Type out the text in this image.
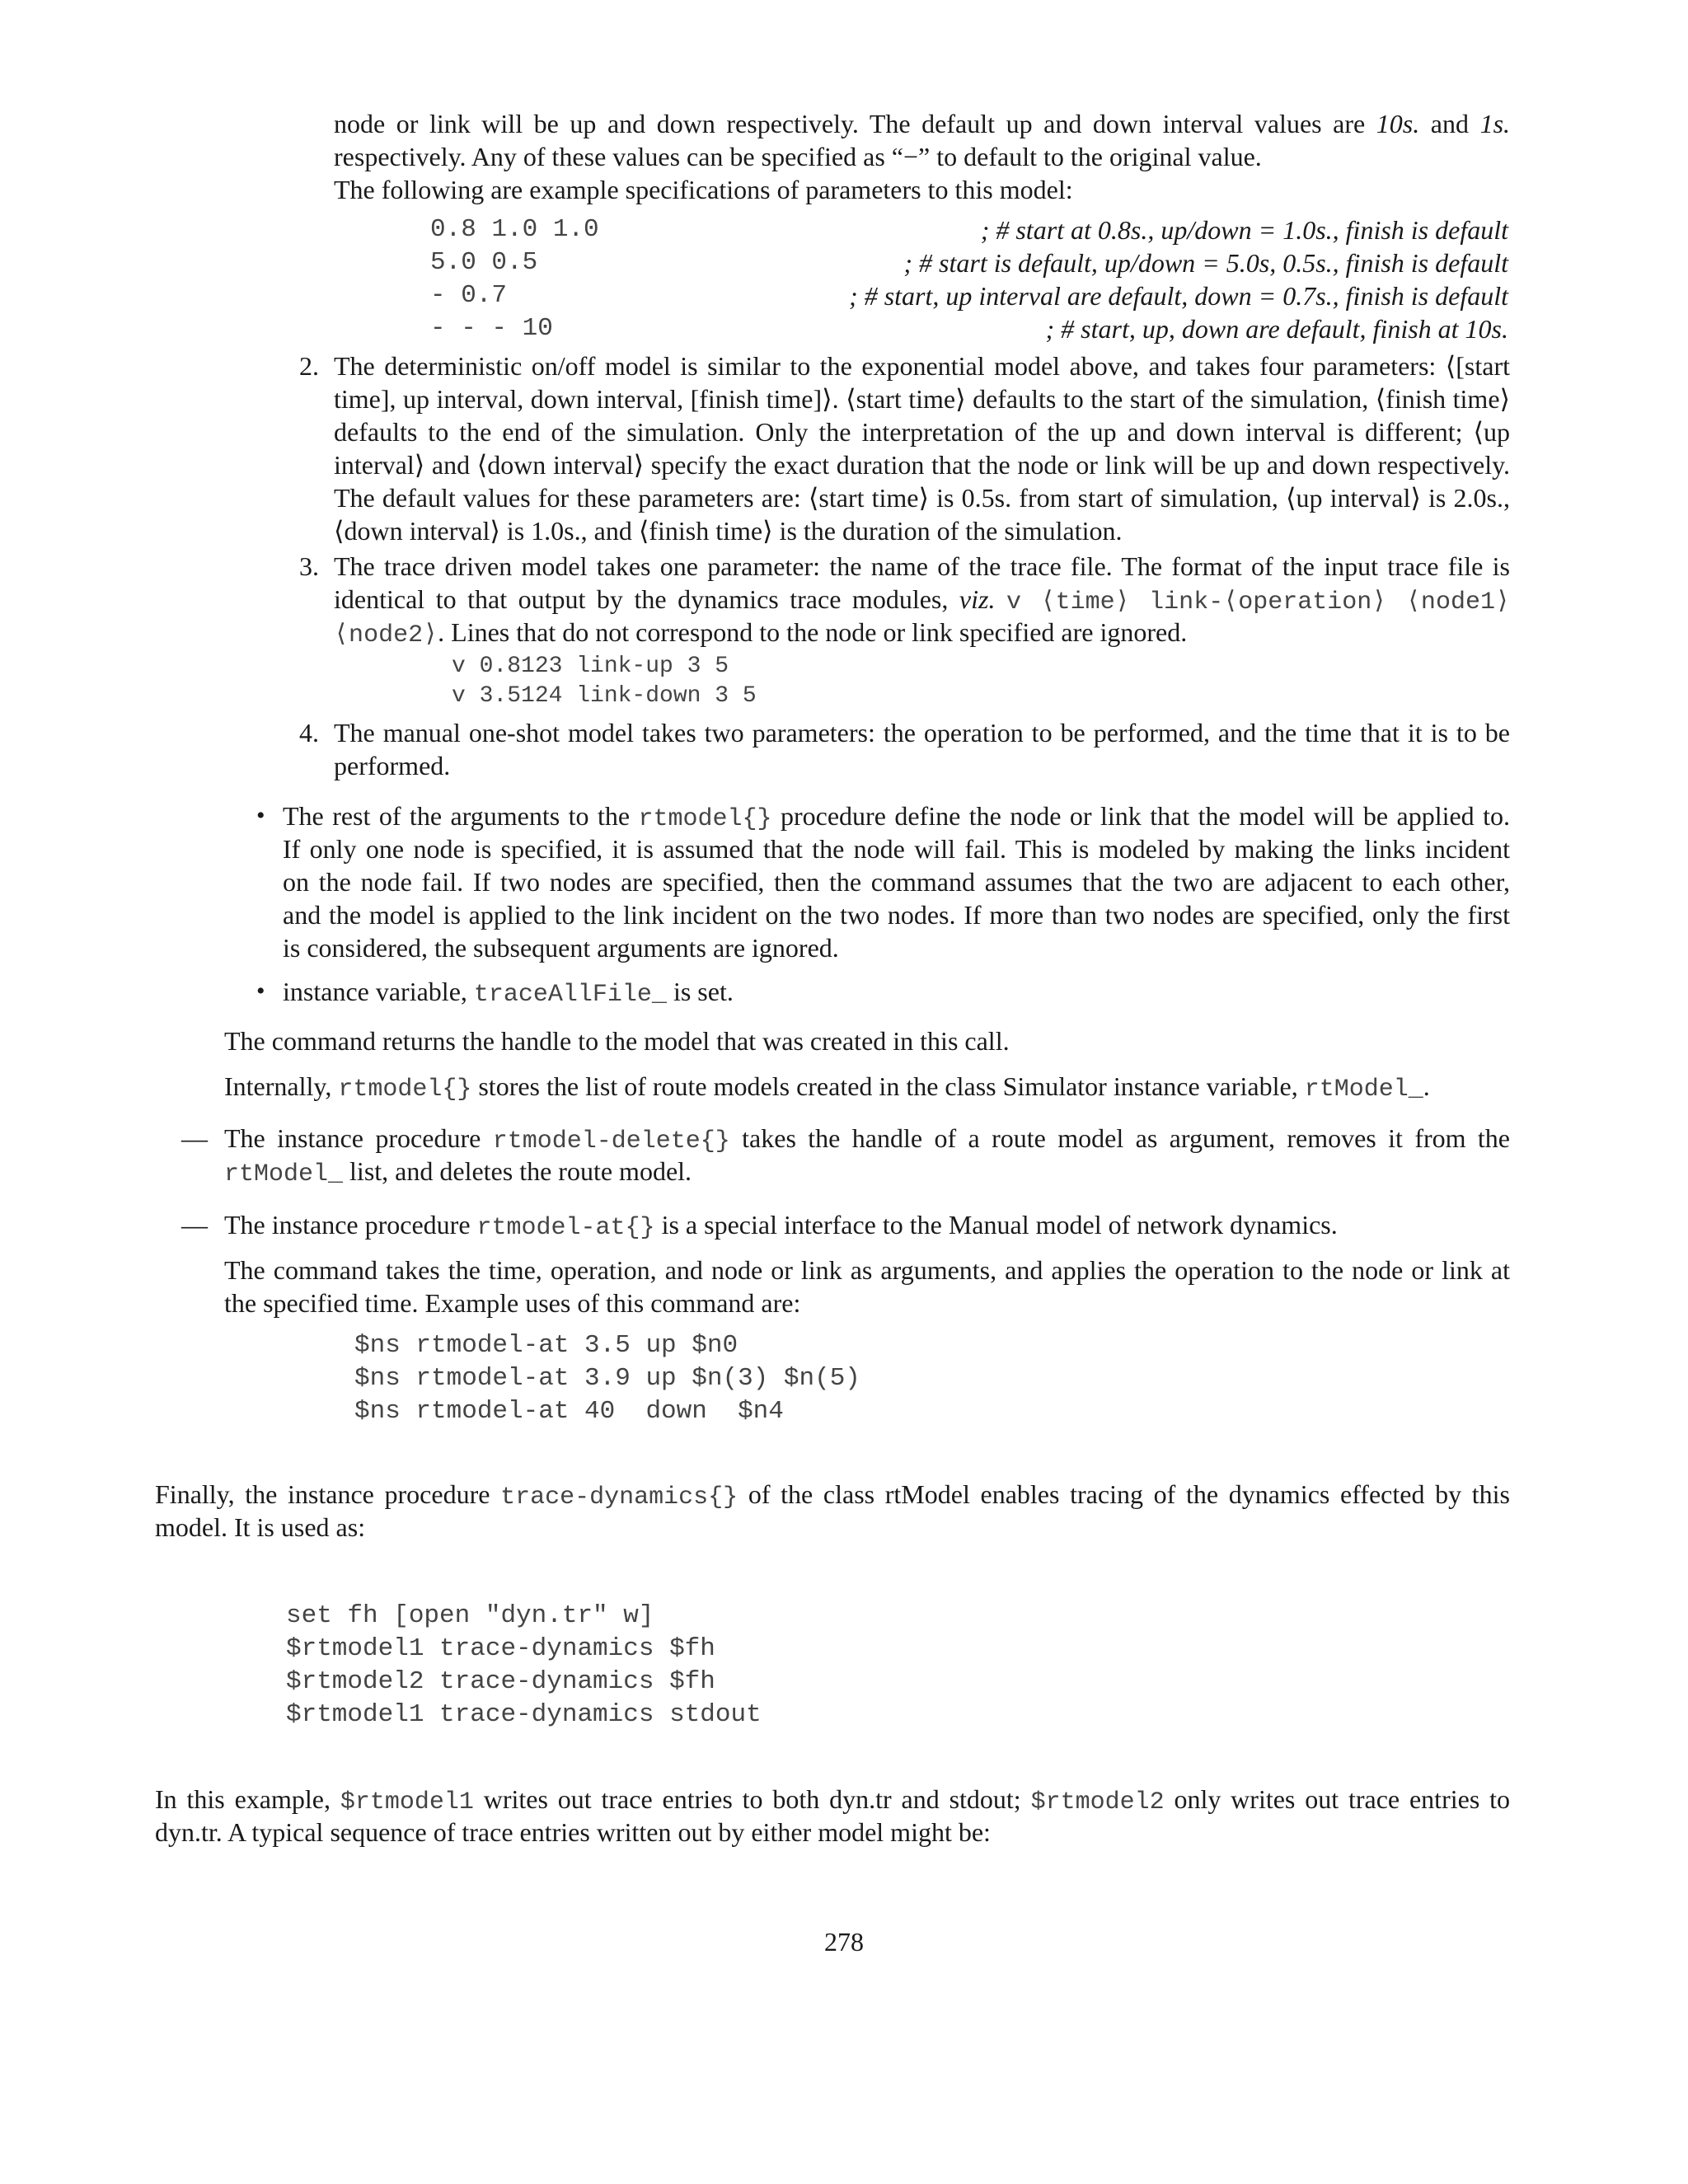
node or link will be up and down respectively. The default up and down interval values are 10s. and 1s.
respectively. Any of these values can be specified as “−” to default to the original value.
The following are example specifications of parameters to this model:
0.8 1.0 1.0	; # start at 0.8s., up/down = 1.0s., finish is default
5.0 0.5	; # start is default, up/down = 5.0s, 0.5s., finish is default
- 0.7	; # start, up interval are default, down = 0.7s., finish is default
- - - 10	; # start, up, down are default, finish at 10s.
2. The deterministic on/off model is similar to the exponential model above, and takes four parameters: ⟨[start
time], up interval, down interval, [finish time]⟩. ⟨start time⟩ defaults to the start of the simulation, ⟨finish time⟩
defaults to the end of the simulation. Only the interpretation of the up and down interval is different; ⟨up
interval⟩ and ⟨down interval⟩ specify the exact duration that the node or link will be up and down respectively.
The default values for these parameters are: ⟨start time⟩ is 0.5s. from start of simulation, ⟨up interval⟩ is 2.0s.,
⟨down interval⟩ is 1.0s., and ⟨finish time⟩ is the duration of the simulation.
3. The trace driven model takes one parameter: the name of the trace file. The format of the input trace file is
identical to that output by the dynamics trace modules, viz. v ⟨time⟩ link-⟨operation⟩ ⟨node1⟩
⟨node2⟩. Lines that do not correspond to the node or link specified are ignored.
v 0.8123 link-up 3 5
v 3.5124 link-down 3 5
4. The manual one-shot model takes two parameters: the operation to be performed, and the time that it is to be
performed.
• The rest of the arguments to the rtmodel{} procedure define the node or link that the model will be applied to.
If only one node is specified, it is assumed that the node will fail. This is modeled by making the links incident
on the node fail. If two nodes are specified, then the command assumes that the two are adjacent to each other,
and the model is applied to the link incident on the two nodes. If more than two nodes are specified, only the first
is considered, the subsequent arguments are ignored.
• instance variable, traceAllFile_ is set.
The command returns the handle to the model that was created in this call.
Internally, rtmodel{} stores the list of route models created in the class Simulator instance variable, rtModel_.
— The instance procedure rtmodel-delete{} takes the handle of a route model as argument, removes it from the
rtModel_ list, and deletes the route model.
— The instance procedure rtmodel-at{} is a special interface to the Manual model of network dynamics.
The command takes the time, operation, and node or link as arguments, and applies the operation to the node or link at
the specified time. Example uses of this command are:
$ns rtmodel-at 3.5 up $n0
$ns rtmodel-at 3.9 up $n(3) $n(5)
$ns rtmodel-at 40  down  $n4
Finally, the instance procedure trace-dynamics{} of the class rtModel enables tracing of the dynamics effected by this
model. It is used as:
set fh [open "dyn.tr" w]
$rtmodel1 trace-dynamics $fh
$rtmodel2 trace-dynamics $fh
$rtmodel1 trace-dynamics stdout
In this example, $rtmodel1 writes out trace entries to both dyn.tr and stdout; $rtmodel2 only writes out trace entries to
dyn.tr. A typical sequence of trace entries written out by either model might be:
278
